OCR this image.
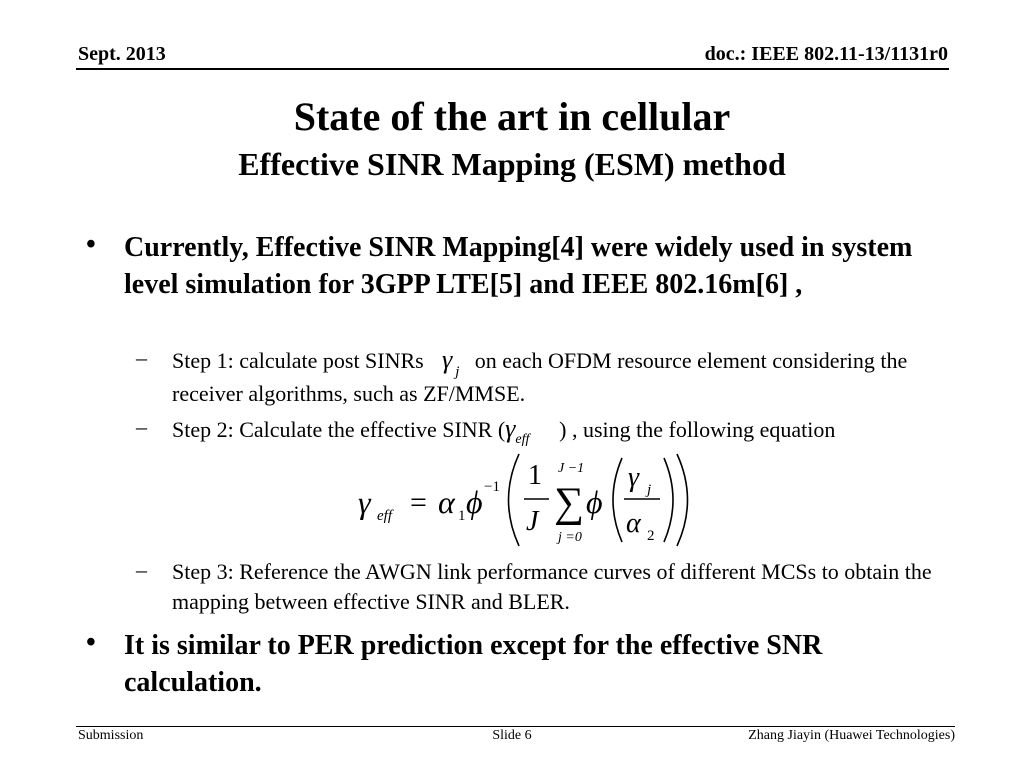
Sept. 2013	doc.: IEEE 802.11-13/1131r0
State of the art in cellular
Effective SINR Mapping (ESM) method
• Currently, Effective SINR Mapping[4] were widely used in system level simulation for 3GPP LTE[5] and IEEE 802.16m[6] ,
– Step 1: calculate post SINRs γ $_j$ on each OFDM resource element considering the receiver algorithms, such as ZF/MMSE.
– Step 2: Calculate the effective SINR ($\gamma_{eff}$ ) , using the following equation
γ eff = α 1 ϕ −1 1
J
J −1
∑
j =0
ϕ
γ j
α 2
– Step 3: Reference the AWGN link performance curves of different MCSs to obtain the mapping between effective SINR and BLER.
• It is similar to PER prediction except for the effective SNR calculation.
Submission	Slide 6	Zhang Jiayin (Huawei Technologies)
